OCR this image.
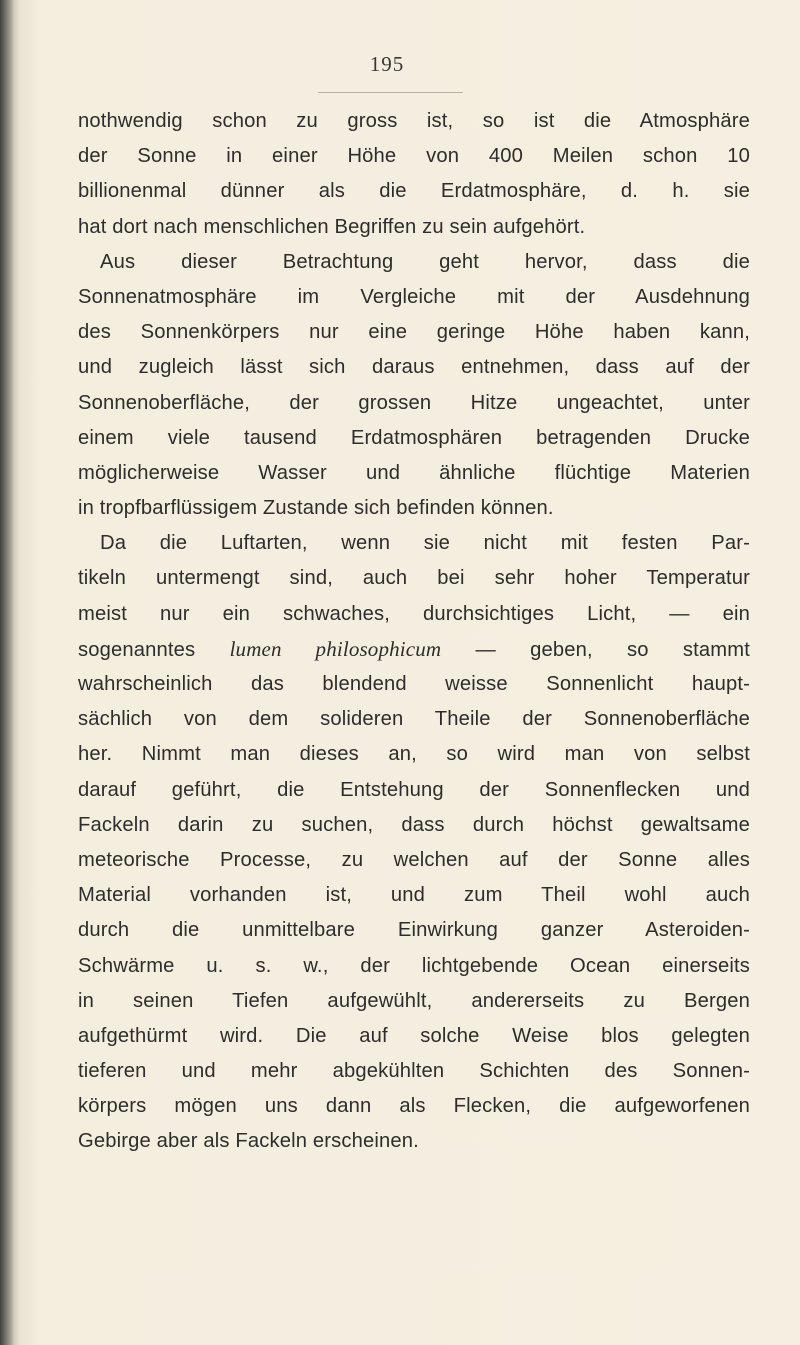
195
nothwendig schon zu gross ist, so ist die Atmosphäre
der Sonne in einer Höhe von 400 Meilen schon 10
billionenmal dünner als die Erdatmosphäre, d. h. sie
hat dort nach menschlichen Begriffen zu sein aufgehört.
Aus dieser Betrachtung geht hervor, dass die
Sonnenatmosphäre im Vergleiche mit der Ausdehnung
des Sonnenkörpers nur eine geringe Höhe haben kann,
und zugleich lässt sich daraus entnehmen, dass auf der
Sonnenoberfläche, der grossen Hitze ungeachtet, unter
einem viele tausend Erdatmosphären betragenden Drucke
möglicherweise Wasser und ähnliche flüchtige Materien
in tropfbarflüssigem Zustande sich befinden können.
Da die Luftarten, wenn sie nicht mit festen Par-
tikeln untermengt sind, auch bei sehr hoher Temperatur
meist nur ein schwaches, durchsichtiges Licht, — ein
sogenanntes lumen philosophicum — geben, so stammt
wahrscheinlich das blendend weisse Sonnenlicht haupt-
sächlich von dem solideren Theile der Sonnenoberfläche
her. Nimmt man dieses an, so wird man von selbst
darauf geführt, die Entstehung der Sonnenflecken und
Fackeln darin zu suchen, dass durch höchst gewaltsame
meteorische Processe, zu welchen auf der Sonne alles
Material vorhanden ist, und zum Theil wohl auch
durch die unmittelbare Einwirkung ganzer Asteroiden-
Schwärme u. s. w., der lichtgebende Ocean einerseits
in seinen Tiefen aufgewühlt, andererseits zu Bergen
aufgethürmt wird. Die auf solche Weise blos gelegten
tieferen und mehr abgekühlten Schichten des Sonnen-
körpers mögen uns dann als Flecken, die aufgeworfenen
Gebirge aber als Fackeln erscheinen.
